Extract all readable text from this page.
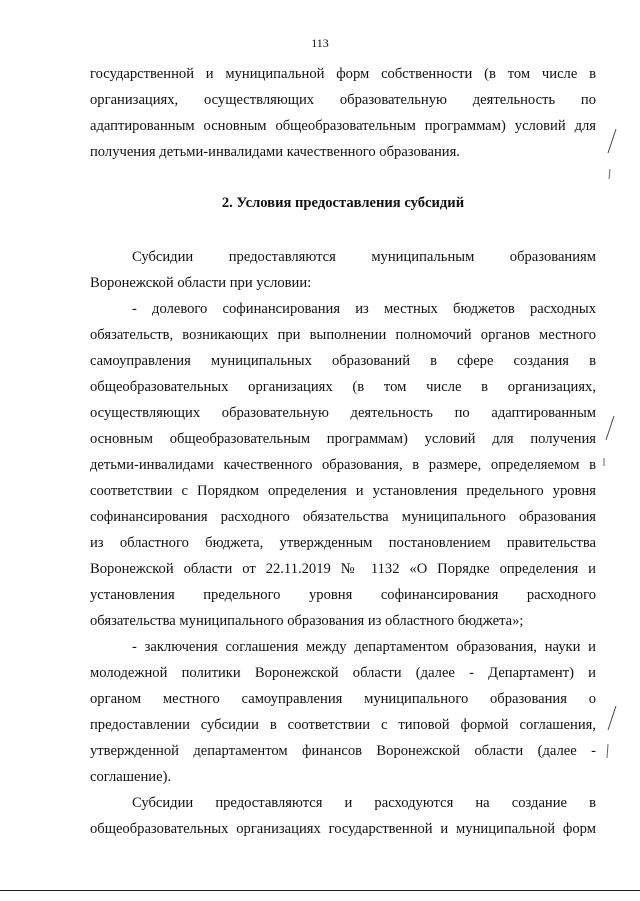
113
государственной и муниципальной форм собственности (в том числе в
организациях, осуществляющих образовательную деятельность по
адаптированным основным общеобразовательным программам) условий для
получения детьми-инвалидами качественного образования.
2. Условия предоставления субсидий
Субсидии предоставляются муниципальным образованиям
Воронежской области при условии:
- долевого софинансирования из местных бюджетов расходных
обязательств, возникающих при выполнении полномочий органов местного
самоуправления муниципальных образований в сфере создания в
общеобразовательных организациях (в том числе в организациях,
осуществляющих образовательную деятельность по адаптированным
основным общеобразовательным программам) условий для получения
детьми-инвалидами качественного образования, в размере, определяемом в
соответствии с Порядком определения и установления предельного уровня
софинансирования расходного обязательства муниципального образования
из областного бюджета, утвержденным постановлением правительства
Воронежской области от 22.11.2019 № 1132 «О Порядке определения и
установления предельного уровня софинансирования расходного
обязательства муниципального образования из областного бюджета»;
- заключения соглашения между департаментом образования, науки и
молодежной политики Воронежской области (далее - Департамент) и
органом местного самоуправления муниципального образования о
предоставлении субсидии в соответствии с типовой формой соглашения,
утвержденной департаментом финансов Воронежской области (далее -
соглашение).
Субсидии предоставляются и расходуются на создание в
общеобразовательных организациях государственной и муниципальной форм
